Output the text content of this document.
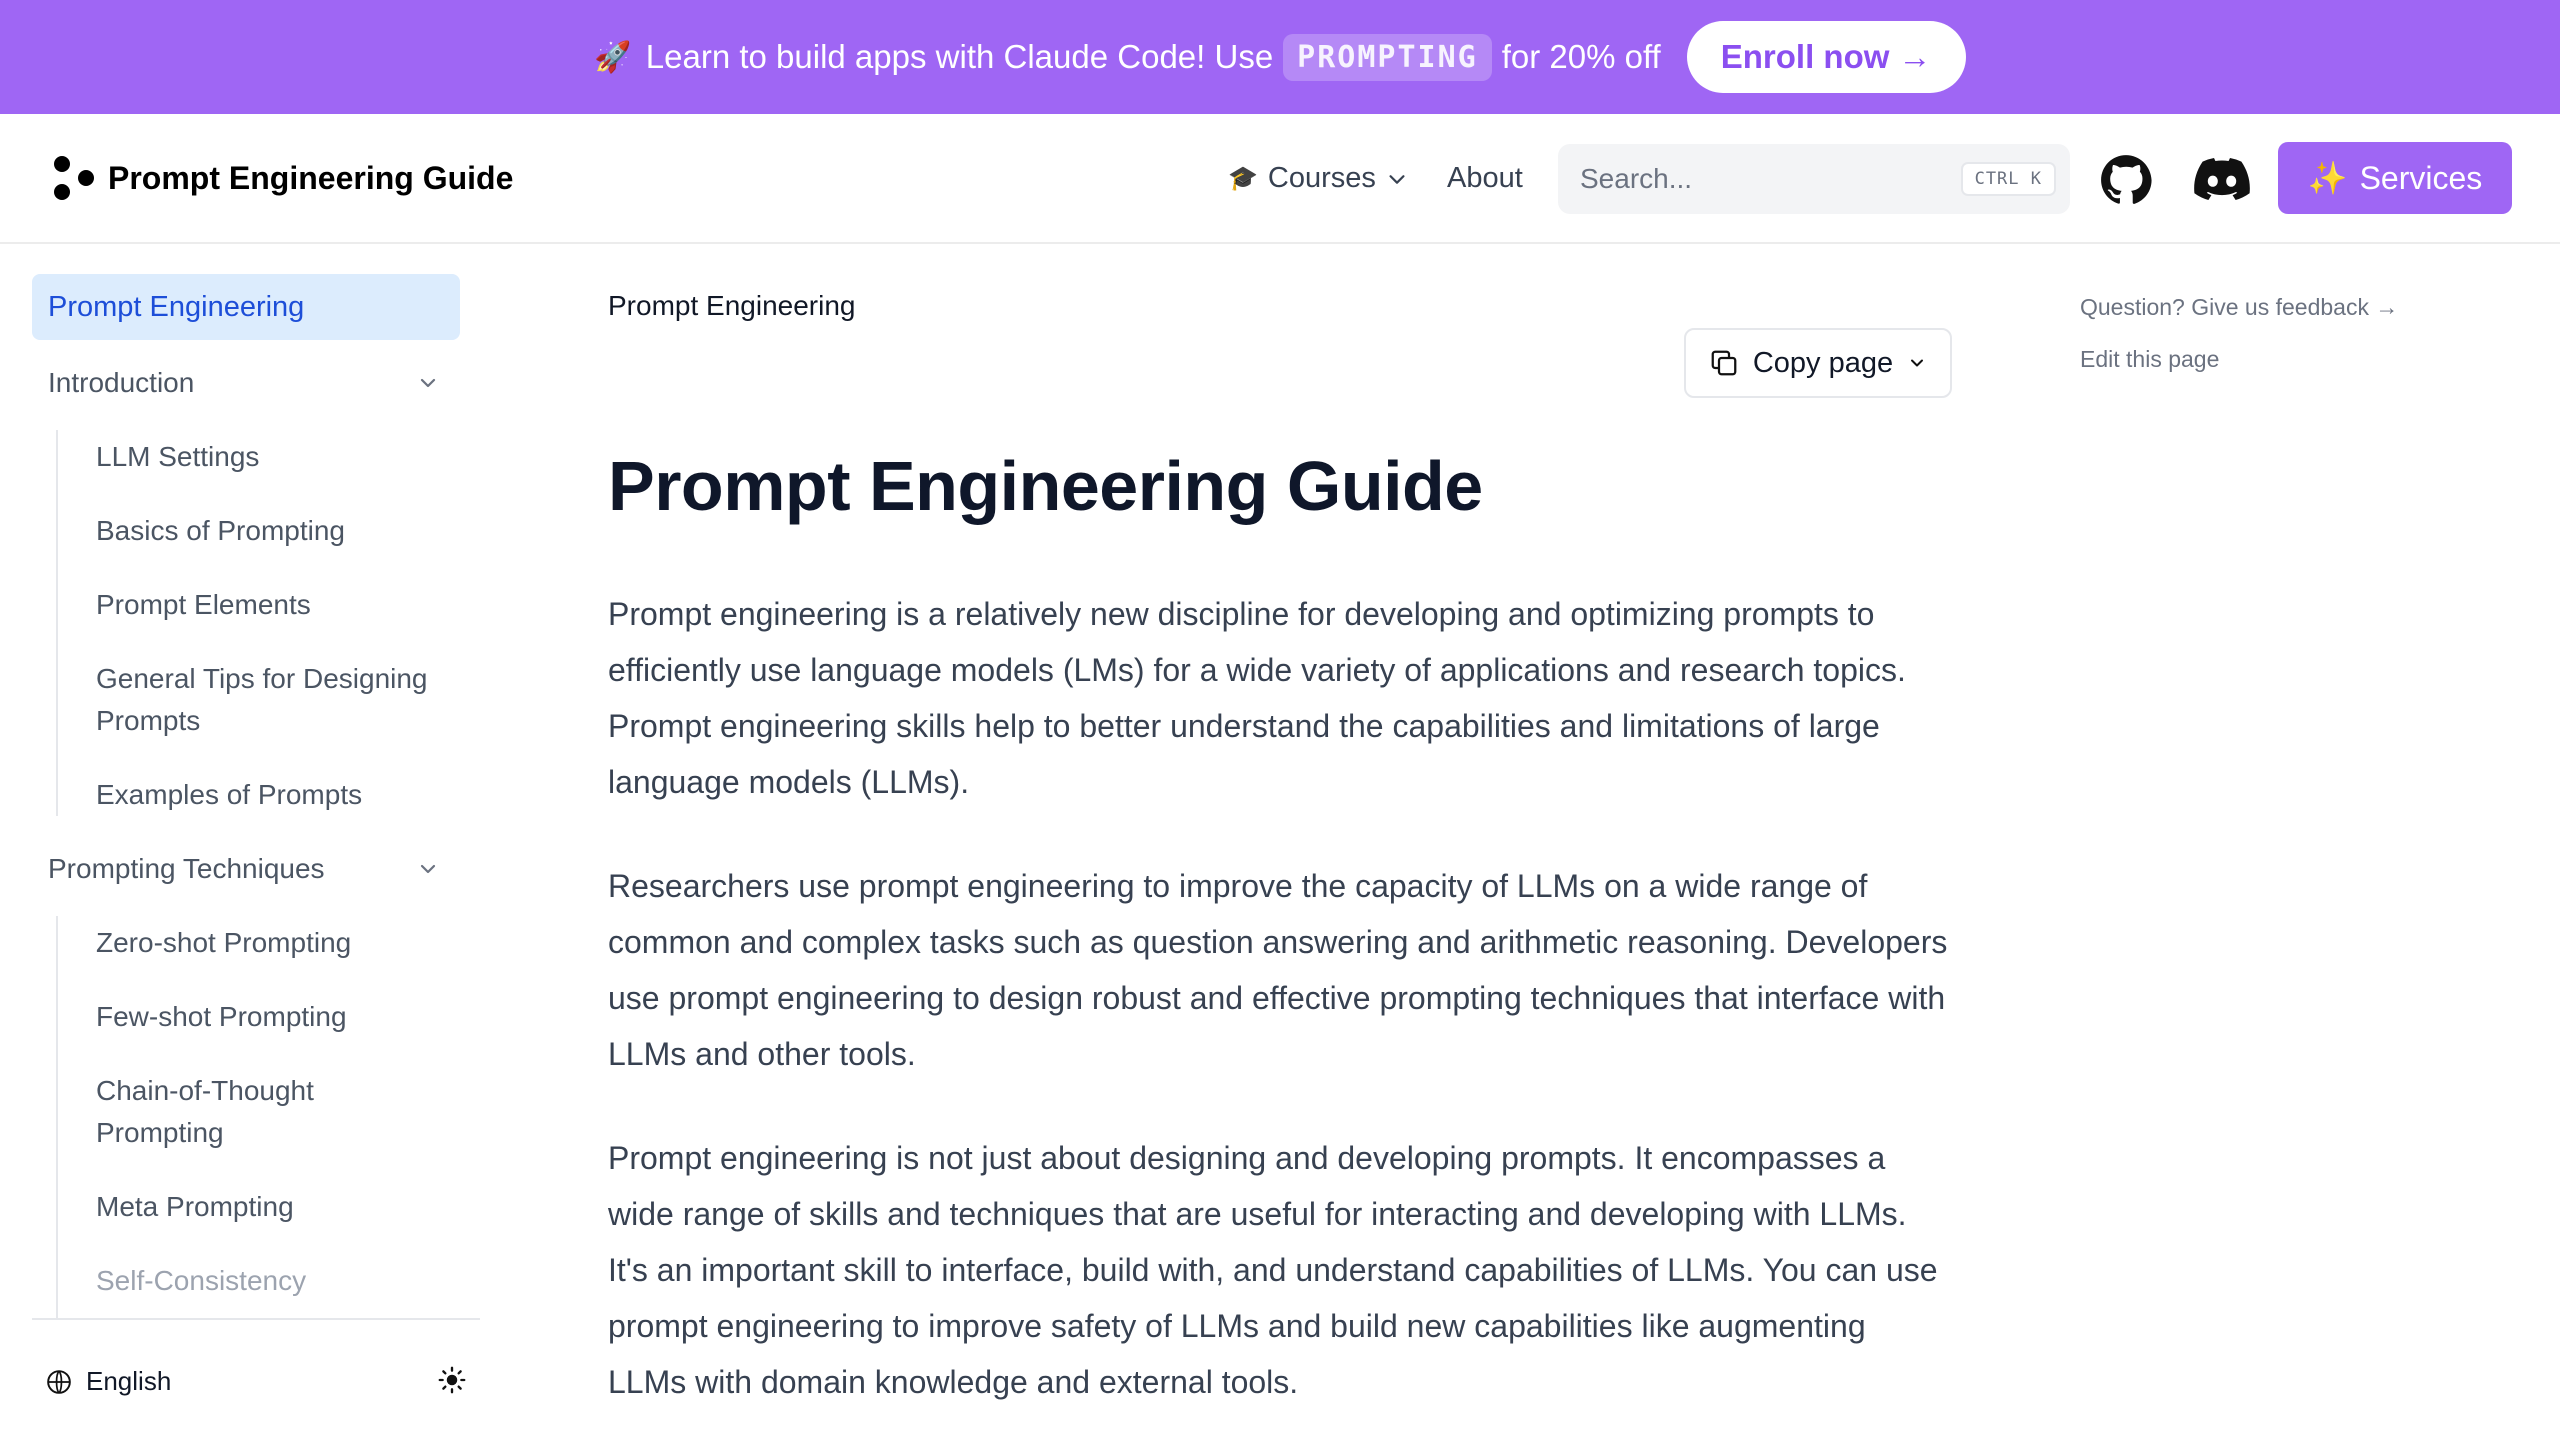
🚀 Learn to build apps with Claude Code! Use PROMPTING for 20% off	Enroll now →
Prompt Engineering Guide	🎓 Courses About Search...	CTRL K	✨ Services
Prompt Engineering
Introduction
LLM Settings
Basics of Prompting
Prompt Elements
General Tips for Designing Prompts
Examples of Prompts
Prompting Techniques
Zero-shot Prompting
Few-shot Prompting
Chain-of-Thought Prompting
Meta Prompting
Self-Consistency
English
Prompt Engineering
Copy page
Prompt Engineering Guide

Prompt engineering is a relatively new discipline for developing and optimizing prompts to efficiently use language models (LMs) for a wide variety of applications and research topics. Prompt engineering skills help to better understand the capabilities and limitations of large language models (LLMs).

Researchers use prompt engineering to improve the capacity of LLMs on a wide range of common and complex tasks such as question answering and arithmetic reasoning. Developers use prompt engineering to design robust and effective prompting techniques that interface with LLMs and other tools.

Prompt engineering is not just about designing and developing prompts. It encompasses a wide range of skills and techniques that are useful for interacting and developing with LLMs. It's an important skill to interface, build with, and understand capabilities of LLMs. You can use prompt engineering to improve safety of LLMs and build new capabilities like augmenting LLMs with domain knowledge and external tools.

Question? Give us feedback →
Edit this page
